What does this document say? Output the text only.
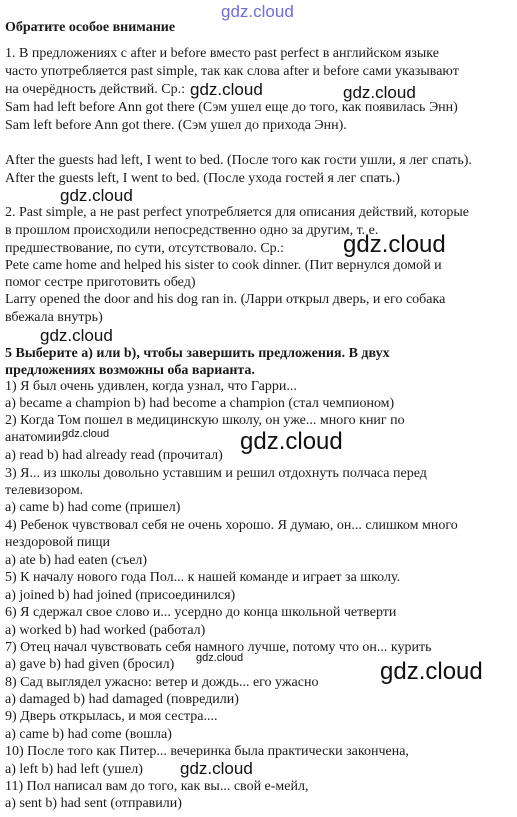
gdz.cloud
gdz.cloud	gdz.cloud
gdz.cloud
gdz.cloud
gdz.cloud
gdz.cloud	gdz.cloud
gdz.cloud	gdz.cloud
gdz.cloud
Обратите особое внимание
1. В предложениях с after и before вместо past perfect в английском языке
часто употребляется past simple, так как слова after и before сами указывают
на очерёдность действий. Ср.:
Sam had left before Ann got there (Сэм ушел еще до того, как появилась Энн)
Sam left before Ann got there. (Сэм ушел до прихода Энн).
After the guests had left, I went to bed. (После того как гости ушли, я лег спать).
After the guests left, I went to bed. (После ухода гостей я лег спать.)
2. Past simple, а не past perfect употребляется для описания действий, которые
в прошлом происходили непосредственно одно за другим, т. е.
предшествование, по сути, отсутствовало. Ср.:
Pete came home and helped his sister to cook dinner. (Пит вернулся домой и
помог сестре приготовить обед)
Larry opened the door and his dog ran in. (Ларри открыл дверь, и его собака
вбежала внутрь)
5 Выберите а) или b), чтобы завершить предложения. В двух
предложениях возможны оба варианта.
1) Я был очень удивлен, когда узнал, что Гарри...
a) became a champion b) had become a champion (стал чемпионом)
2) Когда Том пошел в медицинскую школу, он уже... много книг по
анатомии.
a) read b) had already read (прочитал)
3) Я... из школы довольно уставшим и решил отдохнуть полчаса перед
телевизором.
a) came b) had come (пришел)
4) Ребенок чувствовал себя не очень хорошо. Я думаю, он... слишком много
нездоровой пищи
a) ate b) had eaten (съел)
5) К началу нового года Пол... к нашей команде и играет за школу.
a) joined b) had joined (присоединился)
6) Я сдержал свое слово и... усердно до конца школьной четверти
a) worked b) had worked (работал)
7) Отец начал чувствовать себя намного лучше, потому что он... курить
a) gave b) had given (бросил)
8) Сад выглядел ужасно: ветер и дождь... его ужасно
a) damaged b) had damaged (повредили)
9) Дверь открылась, и моя сестра....
a) came b) had come (вошла)
10) После того как Питер... вечеринка была практически закончена,
a) left b) had left (ушел)
11) Пол написал вам до того, как вы... свой е-мейл,
a) sent b) had sent (отправили)
